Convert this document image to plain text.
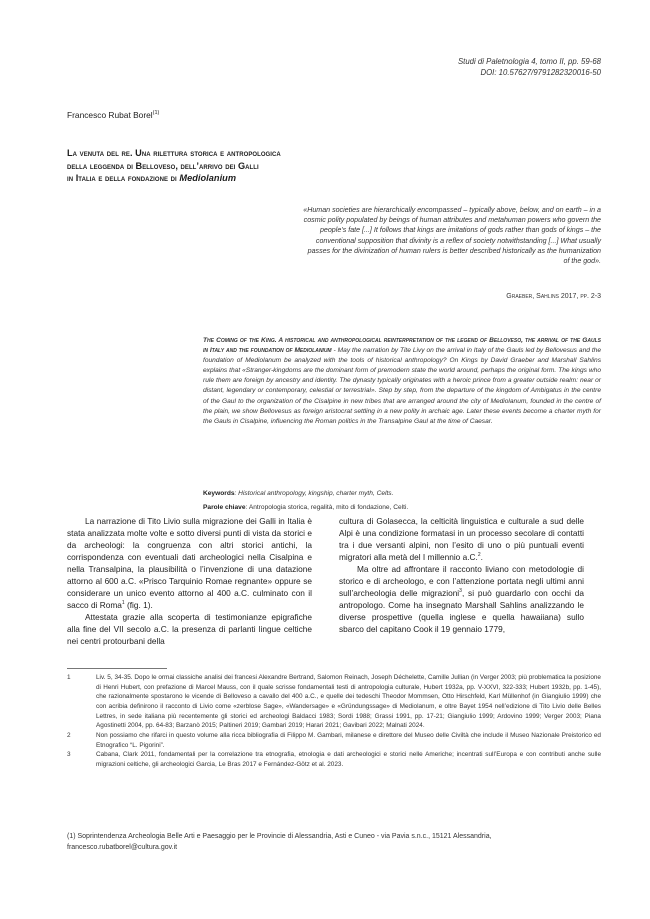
Studi di Paletnologia 4, tomo II, pp. 59-68
DOI: 10.57627/9791282320016-50
Francesco Rubat Borel$^{(1)}$
La venuta del re. Una rilettura storica e antropologica
della leggenda di Belloveso, dell’arrivo dei Galli
in Italia e della fondazione di Mediolanium
«Human societies are hierarchically encompassed – typically above, below, and on earth – in a cosmic polity populated by beings of human attributes and metahuman powers who govern the people’s fate [...] It follows that kings are imitations of gods rather than gods of kings – the conventional supposition that divinity is a reflex of society notwithstanding [...] What usually passes for the divinization of human rulers is better described historically as the humanization of the god».
Graeber, Sahlins 2017, pp. 2-3
The Coming of the King. A historical and anthropological reinterpretation of the legend of Belloveso, the arrival of the Gauls in Italy and the foundation of Mediolanium - May the narration by Tite Livy on the arrival in Italy of the Gauls led by Bellovesus and the foundation of Mediolanum be analyzed with the tools of historical anthropology? On Kings by David Graeber and Marshall Sahlins explains that «Stranger-kingdoms are the dominant form of premodern state the world around, perhaps the original form. The kings who rule them are foreign by ancestry and identity. The dynasty typically originates with a heroic prince from a greater outside realm: near or distant, legendary or contemporary, celestial or terrestrial». Step by step, from the departure of the kingdom of Ambigatus in the centre of the Gaul to the organization of the Cisalpine in new tribes that are arranged around the city of Mediolanum, founded in the centre of the plain, we show Bellovesus as foreign aristocrat settling in a new polity in archaic age. Later these events become a charter myth for the Gauls in Cisalpine, influencing the Roman politics in the Transalpine Gaul at the time of Caesar.
Keywords: Historical anthropology, kingship, charter myth, Celts.
Parole chiave: Antropologia storica, regalità, mito di fondazione, Celti.

La narrazione di Tito Livio sulla migrazione dei Galli in Italia è stata analizzata molte volte e sotto diversi punti di vista da storici e da archeologi: la congruenza con altri storici antichi, la corrispondenza con eventuali dati archeologici nella Cisalpina e nella Transalpina, la plausibilità o l’invenzione di una datazione attorno al 600 a.C. «Prisco Tarquinio Romae regnante» oppure se considerare un unico evento attorno al 400 a.C. culminato con il sacco di Roma$^1$ (fig. 1).

Attestata grazie alla scoperta di testimonianze epigrafiche alla fine del VII secolo a.C. la presenza di parlanti lingue celtiche nei centri protourbani della

cultura di Golasecca, la celticità linguistica e culturale a sud delle Alpi è una condizione formatasi in un processo secolare di contatti tra i due versanti alpini, non l’esito di uno o più puntuali eventi migratori alla metà del I millennio a.C.$^2$.

Ma oltre ad affrontare il racconto liviano con metodologie di storico e di archeologo, e con l’attenzione portata negli ultimi anni sull’archeologia delle migrazioni$^3$, si può guardarlo con occhi da antropologo. Come ha insegnato Marshall Sahlins analizzando le diverse prospettive (quella inglese e quella hawaiiana) sullo sbarco del capitano Cook il 19 gennaio 1779,

1	Liv. 5, 34-35. Dopo le ormai classiche analisi dei francesi Alexandre Bertrand, Salomon Reinach, Joseph Déchelette, Camille Jullian (in Verger 2003; più problematica la posizione di Henri Hubert, con prefazione di Marcel Mauss, con il quale scrisse fondamentali testi di antropologia culturale, Hubert 1932a, pp. V-XXVI, 322-333; Hubert 1932b, pp. 1-45), che razionalmente spostarono le vicende di Belloveso a cavallo del 400 a.C., e quelle dei tedeschi Theodor Mommsen, Otto Hirschfeld, Karl Müllenhof (in Giangiulio 1999) che con acribia definirono il racconto di Livio come «zerblose Sage», «Wandersage» e «Gründungssage» di Mediolanum, e oltre Bayet 1954 nell’edizione di Tito Livio delle Belles Lettres, in sede italiana più recentemente gli storici ed archeologi Baldacci 1983; Sordi 1988; Grassi 1991, pp. 17-21; Giangiulio 1999; Ardovino 1999; Verger 2003; Piana Agostinetti 2004, pp. 64-83; Barzanò 2015; Paltineri 2019; Gambari 2019; Harari 2021; Gavibari 2022; Malnati 2024.
2	Non possiamo che rifarci in questo volume alla ricca bibliografia di Filippo M. Gambari, milanese e direttore del Museo delle Civiltà che include il Museo Nazionale Preistorico ed Etnografico “L. Pigorini”.
3	Cabana, Clark 2011, fondamentali per la correlazione tra etnografia, etnologia e dati archeologici e storici nelle Americhe; incentrati sull’Europa e con contributi anche sulle migrazioni celtiche, gli archeologici Garcia, Le Bras 2017 e Fernández-Götz et al. 2023.
(1) Soprintendenza Archeologia Belle Arti e Paesaggio per le Provincie di Alessandria, Asti e Cuneo - via Pavia s.n.c., 15121 Alessandria,
francesco.rubatborel@cultura.gov.it
